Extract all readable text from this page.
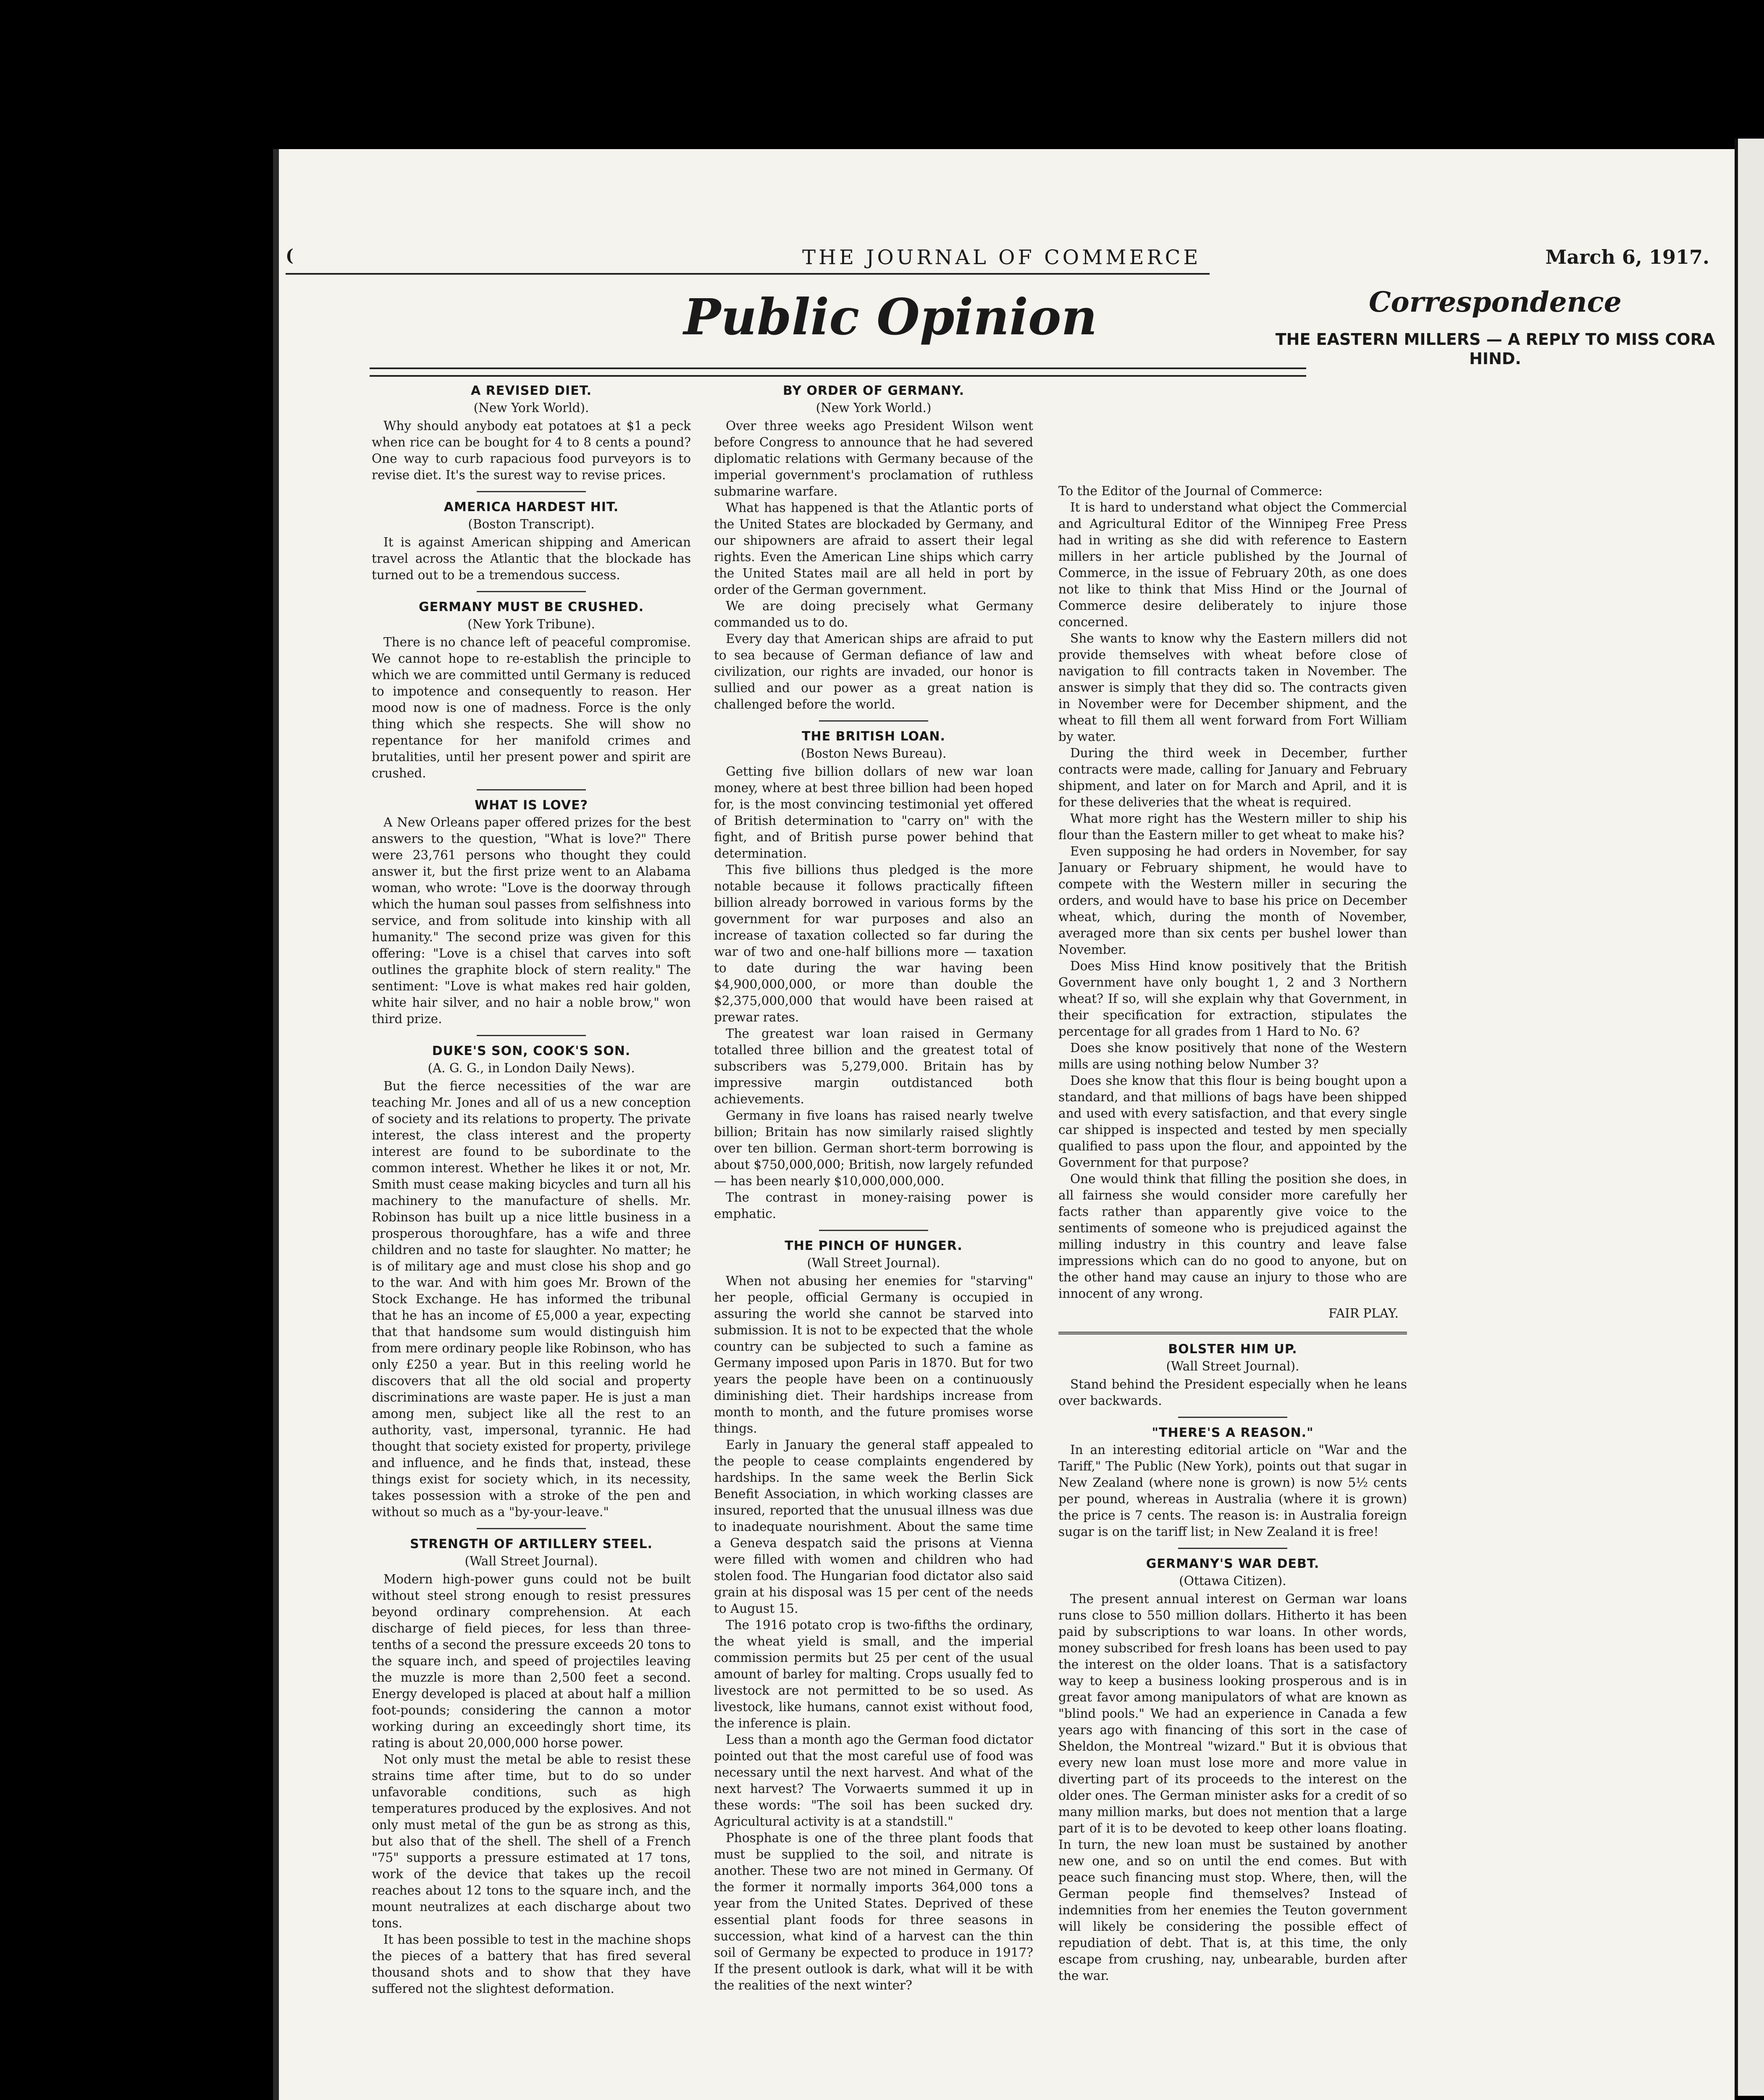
(	THE JOURNAL OF COMMERCE	March 6, 1917.
Public Opinion	Correspondence
THE EASTERN MILLERS — A REPLY TO MISS CORA HIND.
A REVISED DIET.
(New York World).

Why should anybody eat potatoes at $1 a peck when rice can be bought for 4 to 8 cents a pound? One way to curb rapacious food purveyors is to revise diet. It's the surest way to revise prices.

AMERICA HARDEST HIT.
(Boston Transcript).

It is against American shipping and American travel across the Atlantic that the blockade has turned out to be a tremendous success.

GERMANY MUST BE CRUSHED.
(New York Tribune).

There is no chance left of peaceful compromise. We cannot hope to re-establish the principle to which we are committed until Germany is reduced to impotence and consequently to reason. Her mood now is one of madness. Force is the only thing which she respects. She will show no repentance for her manifold crimes and brutalities, until her present power and spirit are crushed.

WHAT IS LOVE?

A New Orleans paper offered prizes for the best answers to the question, "What is love?" There were 23,761 persons who thought they could answer it, but the first prize went to an Alabama woman, who wrote: "Love is the doorway through which the human soul passes from selfishness into service, and from solitude into kinship with all humanity." The second prize was given for this offering: "Love is a chisel that carves into soft outlines the graphite block of stern reality." The sentiment: "Love is what makes red hair golden, white hair silver, and no hair a noble brow," won third prize.

DUKE'S SON, COOK'S SON.
(A. G. G., in London Daily News).

But the fierce necessities of the war are teaching Mr. Jones and all of us a new conception of society and its relations to property. The private interest, the class interest and the property interest are found to be subordinate to the common interest. Whether he likes it or not, Mr. Smith must cease making bicycles and turn all his machinery to the manufacture of shells. Mr. Robinson has built up a nice little business in a prosperous thoroughfare, has a wife and three children and no taste for slaughter. No matter; he is of military age and must close his shop and go to the war. And with him goes Mr. Brown of the Stock Exchange. He has informed the tribunal that he has an income of £5,000 a year, expecting that that handsome sum would distinguish him from mere ordinary people like Robinson, who has only £250 a year. But in this reeling world he discovers that all the old social and property discriminations are waste paper. He is just a man among men, subject like all the rest to an authority, vast, impersonal, tyrannic. He had thought that society existed for property, privilege and influence, and he finds that, instead, these things exist for society which, in its necessity, takes possession with a stroke of the pen and without so much as a "by-your-leave."

STRENGTH OF ARTILLERY STEEL.
(Wall Street Journal).

Modern high-power guns could not be built without steel strong enough to resist pressures beyond ordinary comprehension. At each discharge of field pieces, for less than three-tenths of a second the pressure exceeds 20 tons to the square inch, and speed of projectiles leaving the muzzle is more than 2,500 feet a second. Energy developed is placed at about half a million foot-pounds; considering the cannon a motor working during an exceedingly short time, its rating is about 20,000,000 horse power.

Not only must the metal be able to resist these strains time after time, but to do so under unfavorable conditions, such as high temperatures produced by the explosives. And not only must metal of the gun be as strong as this, but also that of the shell. The shell of a French "75" supports a pressure estimated at 17 tons, work of the device that takes up the recoil reaches about 12 tons to the square inch, and the mount neutralizes at each discharge about two tons.

It has been possible to test in the machine shops the pieces of a battery that has fired several thousand shots and to show that they have suffered not the slightest deformation.

BY ORDER OF GERMANY.
(New York World.)

Over three weeks ago President Wilson went before Congress to announce that he had severed diplomatic relations with Germany because of the imperial government's proclamation of ruthless submarine warfare.

What has happened is that the Atlantic ports of the United States are blockaded by Germany, and our shipowners are afraid to assert their legal rights. Even the American Line ships which carry the United States mail are all held in port by order of the German government.

We are doing precisely what Germany commanded us to do.

Every day that American ships are afraid to put to sea because of German defiance of law and civilization, our rights are invaded, our honor is sullied and our power as a great nation is challenged before the world.

THE BRITISH LOAN.
(Boston News Bureau).

Getting five billion dollars of new war loan money, where at best three billion had been hoped for, is the most convincing testimonial yet offered of British determination to "carry on" with the fight, and of British purse power behind that determination.

This five billions thus pledged is the more notable because it follows practically fifteen billion already borrowed in various forms by the government for war purposes and also an increase of taxation collected so far during the war of two and one-half billions more — taxation to date during the war having been $4,900,000,000, or more than double the $2,375,000,000 that would have been raised at prewar rates.

The greatest war loan raised in Germany totalled three billion and the greatest total of subscribers was 5,279,000. Britain has by impressive margin outdistanced both achievements.

Germany in five loans has raised nearly twelve billion; Britain has now similarly raised slightly over ten billion. German short-term borrowing is about $750,000,000; British, now largely refunded — has been nearly $10,000,000,000.

The contrast in money-raising power is emphatic.

THE PINCH OF HUNGER.
(Wall Street Journal).

When not abusing her enemies for "starving" her people, official Germany is occupied in assuring the world she cannot be starved into submission. It is not to be expected that the whole country can be subjected to such a famine as Germany imposed upon Paris in 1870. But for two years the people have been on a continuously diminishing diet. Their hardships increase from month to month, and the future promises worse things.

Early in January the general staff appealed to the people to cease complaints engendered by hardships. In the same week the Berlin Sick Benefit Association, in which working classes are insured, reported that the unusual illness was due to inadequate nourishment. About the same time a Geneva despatch said the prisons at Vienna were filled with women and children who had stolen food. The Hungarian food dictator also said grain at his disposal was 15 per cent of the needs to August 15.

The 1916 potato crop is two-fifths the ordinary, the wheat yield is small, and the imperial commission permits but 25 per cent of the usual amount of barley for malting. Crops usually fed to livestock are not permitted to be so used. As livestock, like humans, cannot exist without food, the inference is plain.

Less than a month ago the German food dictator pointed out that the most careful use of food was necessary until the next harvest. And what of the next harvest? The Vorwaerts summed it up in these words: "The soil has been sucked dry. Agricultural activity is at a standstill."

Phosphate is one of the three plant foods that must be supplied to the soil, and nitrate is another. These two are not mined in Germany. Of the former it normally imports 364,000 tons a year from the United States. Deprived of these essential plant foods for three seasons in succession, what kind of a harvest can the thin soil of Germany be expected to produce in 1917? If the present outlook is dark, what will it be with the realities of the next winter?

To the Editor of the Journal of Commerce:

It is hard to understand what object the Commercial and Agricultural Editor of the Winnipeg Free Press had in writing as she did with reference to Eastern millers in her article published by the Journal of Commerce, in the issue of February 20th, as one does not like to think that Miss Hind or the Journal of Commerce desire deliberately to injure those concerned.

She wants to know why the Eastern millers did not provide themselves with wheat before close of navigation to fill contracts taken in November. The answer is simply that they did so. The contracts given in November were for December shipment, and the wheat to fill them all went forward from Fort William by water.

During the third week in December, further contracts were made, calling for January and February shipment, and later on for March and April, and it is for these deliveries that the wheat is required.

What more right has the Western miller to ship his flour than the Eastern miller to get wheat to make his?

Even supposing he had orders in November, for say January or February shipment, he would have to compete with the Western miller in securing the orders, and would have to base his price on December wheat, which, during the month of November, averaged more than six cents per bushel lower than November.

Does Miss Hind know positively that the British Government have only bought 1, 2 and 3 Northern wheat? If so, will she explain why that Government, in their specification for extraction, stipulates the percentage for all grades from 1 Hard to No. 6?

Does she know positively that none of the Western mills are using nothing below Number 3?

Does she know that this flour is being bought upon a standard, and that millions of bags have been shipped and used with every satisfaction, and that every single car shipped is inspected and tested by men specially qualified to pass upon the flour, and appointed by the Government for that purpose?

One would think that filling the position she does, in all fairness she would consider more carefully her facts rather than apparently give voice to the sentiments of someone who is prejudiced against the milling industry in this country and leave false impressions which can do no good to anyone, but on the other hand may cause an injury to those who are innocent of any wrong.

FAIR PLAY.

BOLSTER HIM UP.
(Wall Street Journal).

Stand behind the President especially when he leans over backwards.

"THERE'S A REASON."

In an interesting editorial article on "War and the Tariff," The Public (New York), points out that sugar in New Zealand (where none is grown) is now 5½ cents per pound, whereas in Australia (where it is grown) the price is 7 cents. The reason is: in Australia foreign sugar is on the tariff list; in New Zealand it is free!

GERMANY'S WAR DEBT.
(Ottawa Citizen).

The present annual interest on German war loans runs close to 550 million dollars. Hitherto it has been paid by subscriptions to war loans. In other words, money subscribed for fresh loans has been used to pay the interest on the older loans. That is a satisfactory way to keep a business looking prosperous and is in great favor among manipulators of what are known as "blind pools." We had an experience in Canada a few years ago with financing of this sort in the case of Sheldon, the Montreal "wizard." But it is obvious that every new loan must lose more and more value in diverting part of its proceeds to the interest on the older ones. The German minister asks for a credit of so many million marks, but does not mention that a large part of it is to be devoted to keep other loans floating. In turn, the new loan must be sustained by another new one, and so on until the end comes. But with peace such financing must stop. Where, then, will the German people find themselves? Instead of indemnities from her enemies the Teuton government will likely be considering the possible effect of repudiation of debt. That is, at this time, the only escape from crushing, nay, unbearable, burden after the war.
